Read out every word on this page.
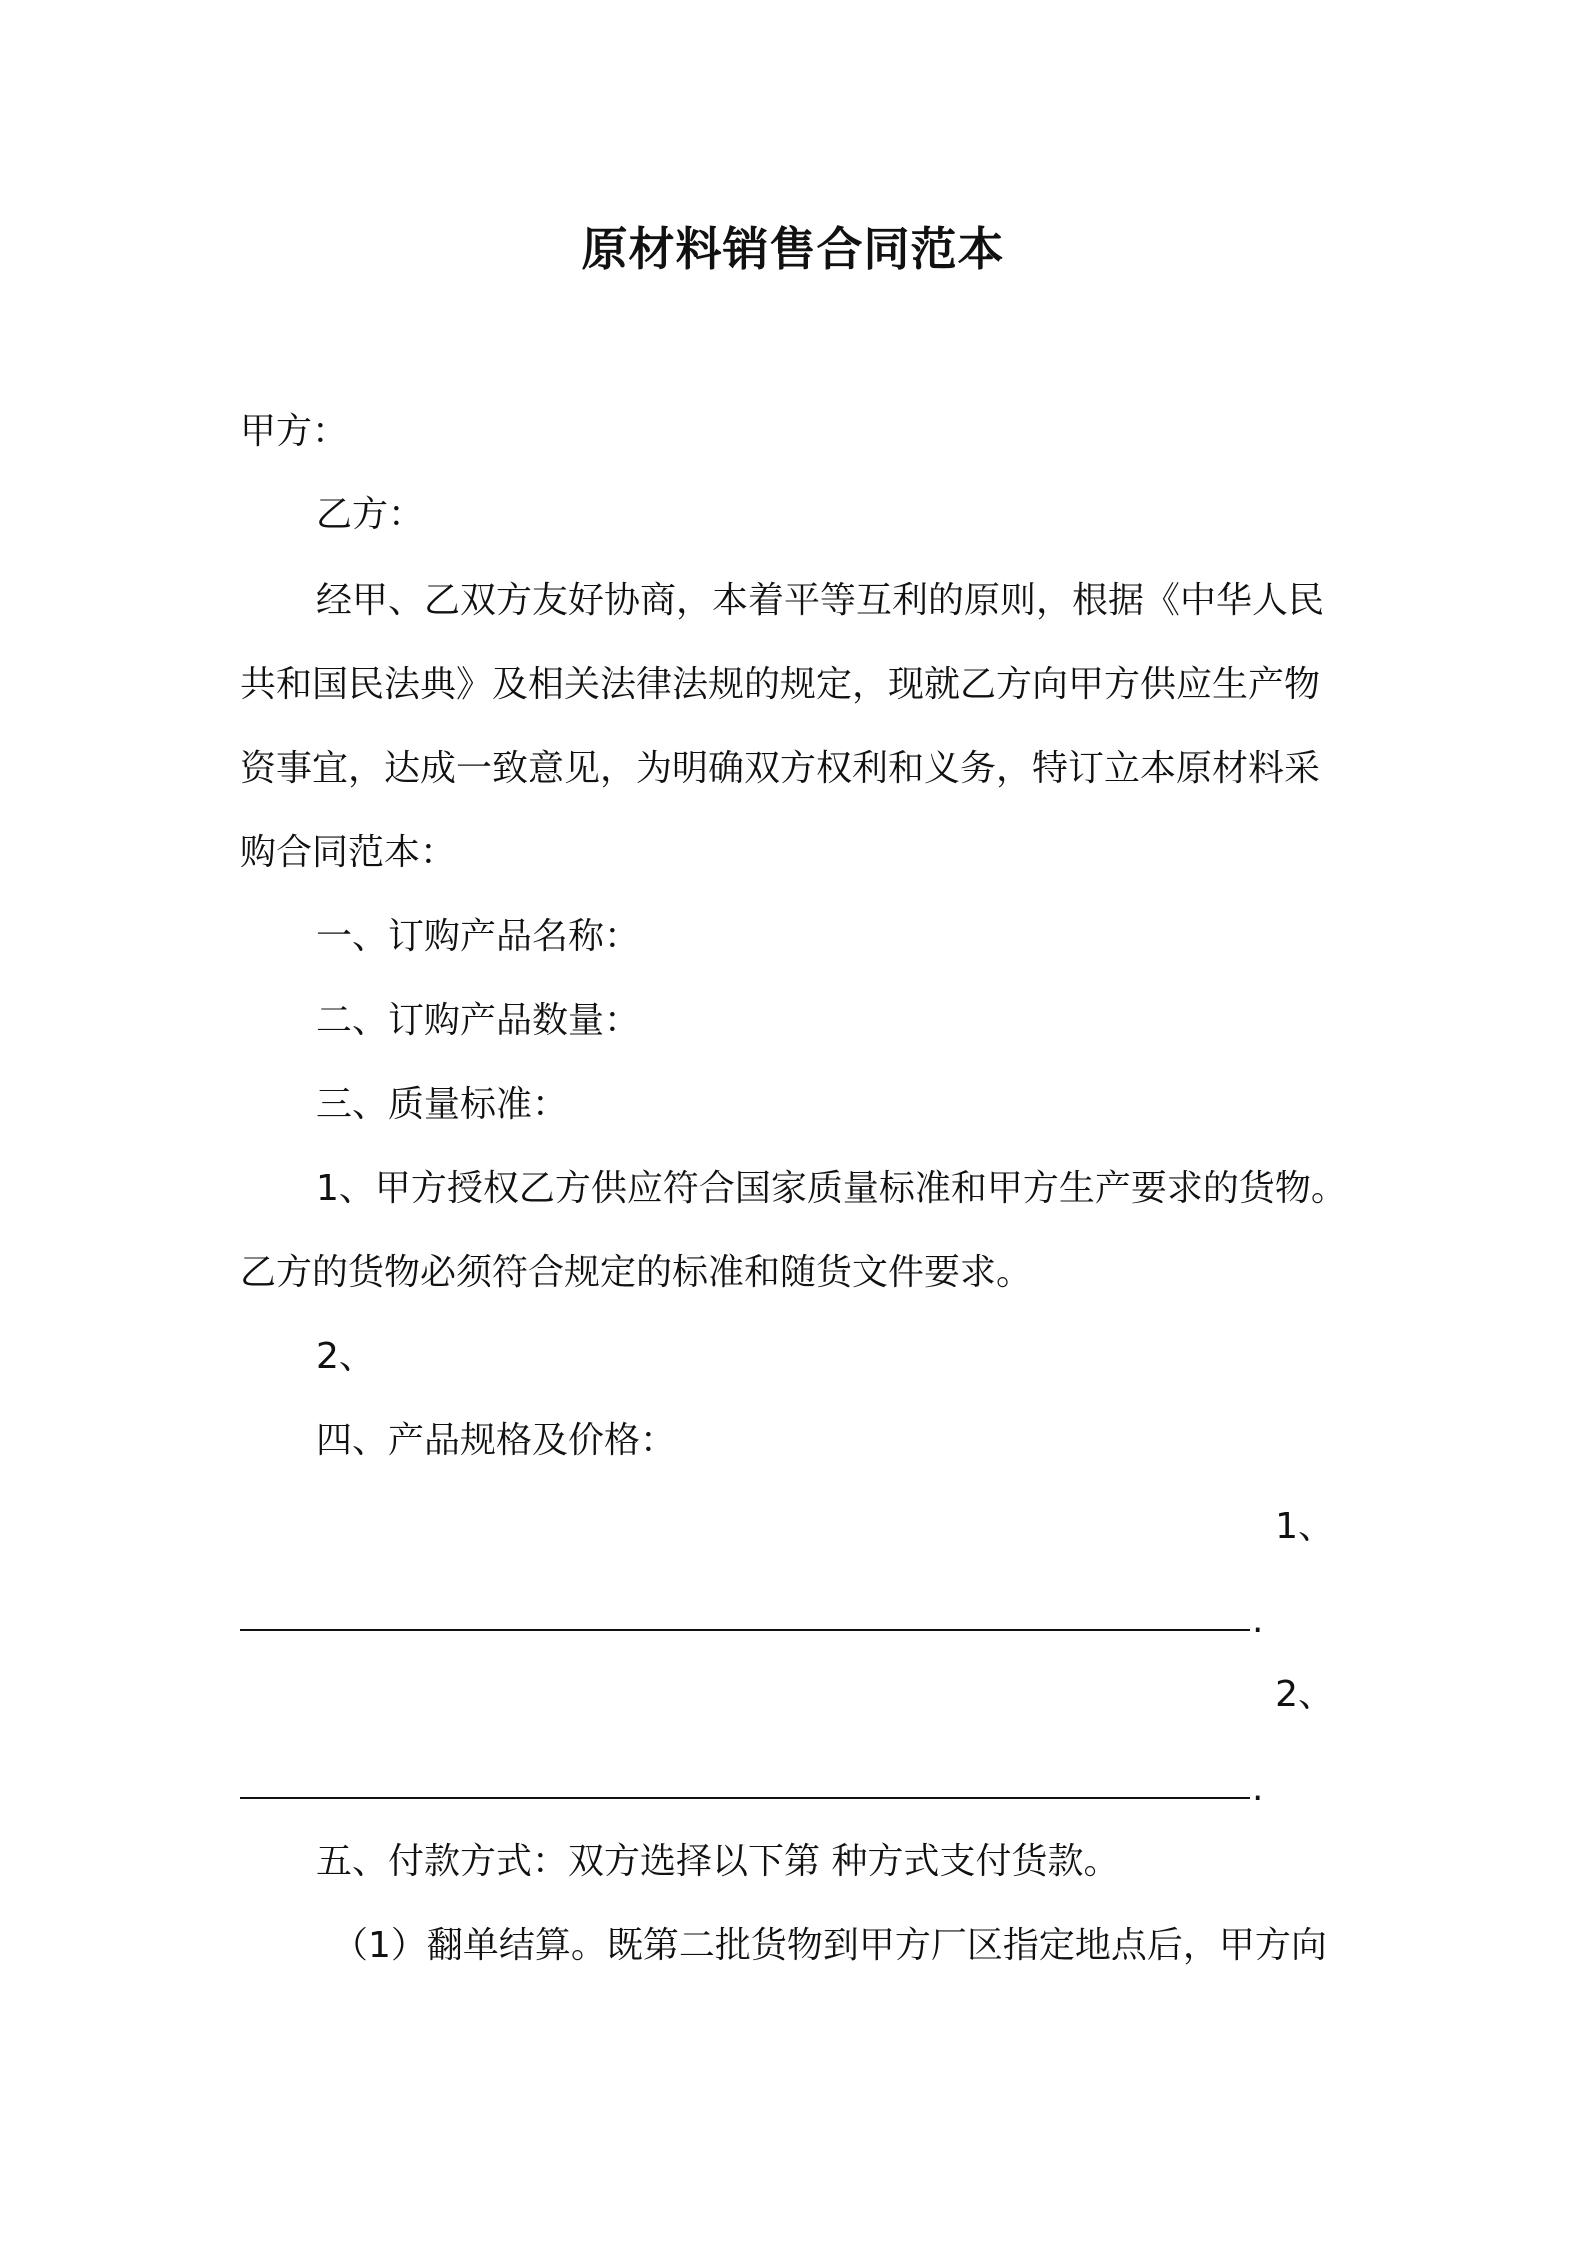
原材料销售合同范本

甲方：

乙方：

经甲、乙双方友好协商，本着平等互利的原则，根据《中华人民

共和国民法典》及相关法律法规的规定，现就乙方向甲方供应生产物

资事宜，达成一致意见，为明确双方权利和义务，特订立本原材料采

购合同范本：

一、订购产品名称：

二、订购产品数量：

三、质量标准：

1、甲方授权乙方供应符合国家质量标准和甲方生产要求的货物。

乙方的货物必须符合规定的标准和随货文件要求。

2、

四、产品规格及价格：

1、

.

2、

.

五、付款方式：双方选择以下第 种方式支付货款。

（1）翻单结算。既第二批货物到甲方厂区指定地点后，甲方向
